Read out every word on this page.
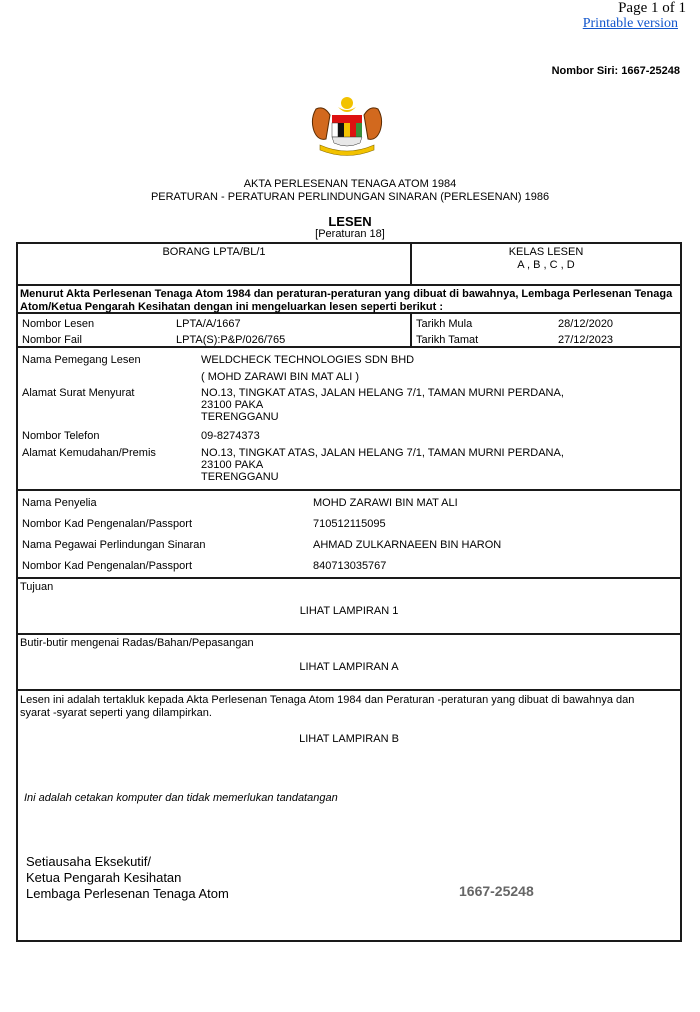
Page 1 of 1
Printable version
Nombor Siri: 1667-25248
AKTA PERLESENAN TENAGA ATOM 1984
PERATURAN - PERATURAN PERLINDUNGAN SINARAN (PERLESENAN) 1986
LESEN
[Peraturan 18]
BORANG LPTA/BL/1	KELAS LESEN
A , B , C , D
Menurut Akta Perlesenan Tenaga Atom 1984 dan peraturan-peraturan yang dibuat di bawahnya, Lembaga Perlesenan Tenaga Atom/Ketua Pengarah Kesihatan dengan ini mengeluarkan lesen seperti berikut :
Nombor Lesen	LPTA/A/1667
Nombor Fail	LPTA(S):P&P/026/765
Tarikh Mula	28/12/2020
Tarikh Tamat	27/12/2023
Nama Pemegang Lesen	WELDCHECK TECHNOLOGIES SDN BHD
( MOHD ZARAWI BIN MAT ALI )
Alamat Surat Menyurat	NO.13, TINGKAT ATAS, JALAN HELANG 7/1, TAMAN MURNI PERDANA,
23100 PAKA
TERENGGANU
Nombor Telefon	09-8274373
Alamat Kemudahan/Premis	NO.13, TINGKAT ATAS, JALAN HELANG 7/1, TAMAN MURNI PERDANA,
23100 PAKA
TERENGGANU
Nama Penyelia	MOHD ZARAWI BIN MAT ALI
Nombor Kad Pengenalan/Passport	710512115095
Nama Pegawai Perlindungan Sinaran	AHMAD ZULKARNAEEN BIN HARON
Nombor Kad Pengenalan/Passport	840713035767
Tujuan
LIHAT LAMPIRAN 1
Butir-butir mengenai Radas/Bahan/Pepasangan
LIHAT LAMPIRAN A
Lesen ini adalah tertakluk kepada Akta Perlesenan Tenaga Atom 1984 dan Peraturan -peraturan yang dibuat di bawahnya dan
syarat -syarat seperti yang dilampirkan.
LIHAT LAMPIRAN B
Ini adalah cetakan komputer dan tidak memerlukan tandatangan
Setiausaha Eksekutif/
Ketua Pengarah Kesihatan
Lembaga Perlesenan Tenaga Atom	1667-25248
